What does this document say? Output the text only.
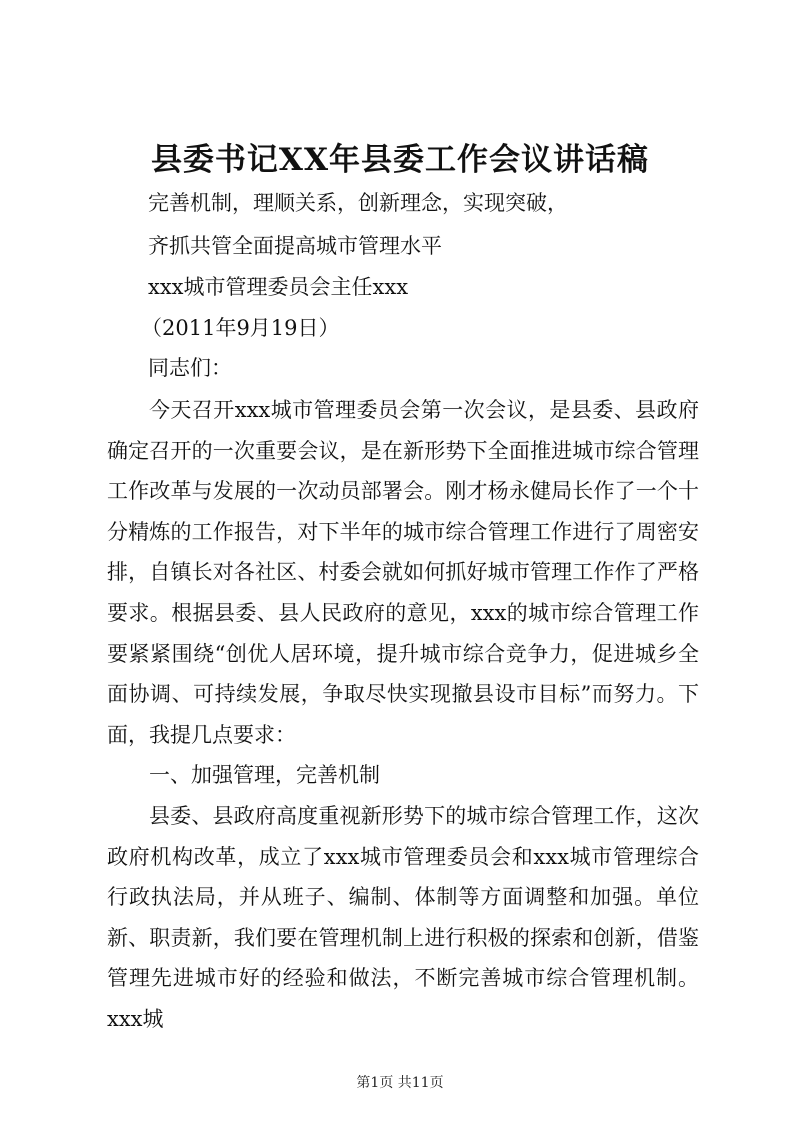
县委书记XX年县委工作会议讲话稿
完善机制，理顺关系，创新理念，实现突破，
齐抓共管全面提高城市管理水平
xxx城市管理委员会主任xxx
（2011年9月19日）
同志们：

今天召开xxx城市管理委员会第一次会议，是县委、县政府确定召开的一次重要会议，是在新形势下全面推进城市综合管理工作改革与发展的一次动员部署会。刚才杨永健局长作了一个十分精炼的工作报告，对下半年的城市综合管理工作进行了周密安排，自镇长对各社区、村委会就如何抓好城市管理工作作了严格要求。根据县委、县人民政府的意见，xxx的城市综合管理工作要紧紧围绕“创优人居环境，提升城市综合竞争力，促进城乡全面协调、可持续发展，争取尽快实现撤县设市目标”而努力。下面，我提几点要求：

一、加强管理，完善机制

县委、县政府高度重视新形势下的城市综合管理工作，这次政府机构改革，成立了xxx城市管理委员会和xxx城市管理综合行政执法局，并从班子、编制、体制等方面调整和加强。单位新、职责新，我们要在管理机制上进行积极的探索和创新，借鉴管理先进城市好的经验和做法，不断完善城市综合管理机制。xxx城

第1页 共11页
